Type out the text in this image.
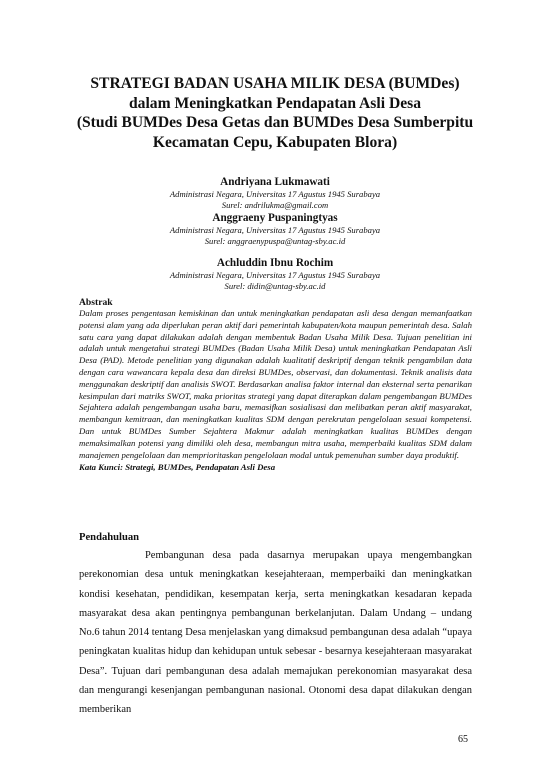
STRATEGI BADAN USAHA MILIK DESA (BUMDes)
dalam Meningkatkan Pendapatan Asli Desa
(Studi BUMDes Desa Getas dan BUMDes Desa Sumberpitu
Kecamatan Cepu, Kabupaten Blora)
Andriyana Lukmawati
Administrasi Negara, Universitas 17 Agustus 1945 Surabaya
Surel: andrilukma@gmail.com
Anggraeny Puspaningtyas
Administrasi Negara, Universitas 17 Agustus 1945 Surabaya
Surel: anggraenypuspa@untag-sby.ac.id
Achluddin Ibnu Rochim
Administrasi Negara, Universitas 17 Agustus 1945 Surabaya
Surel: didin@untag-sby.ac.id
Abstrak

Dalam proses pengentasan kemiskinan dan untuk meningkatkan pendapatan asli desa dengan memanfaatkan potensi alam yang ada diperlukan peran aktif dari pemerintah kabupaten/kota maupun pemerintah desa. Salah satu cara yang dapat dilakukan adalah dengan membentuk Badan Usaha Milik Desa. Tujuan penelitian ini adalah untuk mengetahui strategi BUMDes (Badan Usaha Milik Desa) untuk meningkatkan Pendapatan Asli Desa (PAD). Metode penelitian yang digunakan adalah kualitatif deskriptif dengan teknik pengambilan data dengan cara wawancara kepala desa dan direksi BUMDes, observasi, dan dokumentasi. Teknik analisis data menggunakan deskriptif dan analisis SWOT. Berdasarkan analisa faktor internal dan eksternal serta penarikan kesimpulan dari matriks SWOT, maka prioritas strategi yang dapat diterapkan dalam pengembangan BUMDes Sejahtera adalah pengembangan usaha baru, memasifkan sosialisasi dan melibatkan peran aktif masyarakat, membangun kemitraan, dan meningkatkan kualitas SDM dengan perekrutan pengelolaan sesuai kompetensi. Dan untuk BUMDes Sumber Sejahtera Makmur adalah meningkatkan kualitas BUMDes dengan memaksimalkan potensi yang dimiliki oleh desa, membangun mitra usaha, memperbaiki kualitas SDM dalam manajemen pengelolaan dan memprioritaskan pengelolaan modal untuk pemenuhan sumber daya produktif.

Kata Kunci: Strategi, BUMDes, Pendapatan Asli Desa
Pendahuluan

Pembangunan desa pada dasarnya merupakan upaya mengembangkan perekonomian desa untuk meningkatkan kesejahteraan, memperbaiki dan meningkatkan kondisi kesehatan, pendidikan, kesempatan kerja, serta meningkatkan kesadaran kepada masyarakat desa akan pentingnya pembangunan berkelanjutan. Dalam Undang – undang No.6 tahun 2014 tentang Desa menjelaskan yang dimaksud pembangunan desa adalah “upaya peningkatan kualitas hidup dan kehidupan untuk sebesar - besarnya kesejahteraan masyarakat Desa”. Tujuan dari pembangunan desa adalah memajukan perekonomian masyarakat desa dan mengurangi kesenjangan pembangunan nasional. Otonomi desa dapat dilakukan dengan memberikan

65
